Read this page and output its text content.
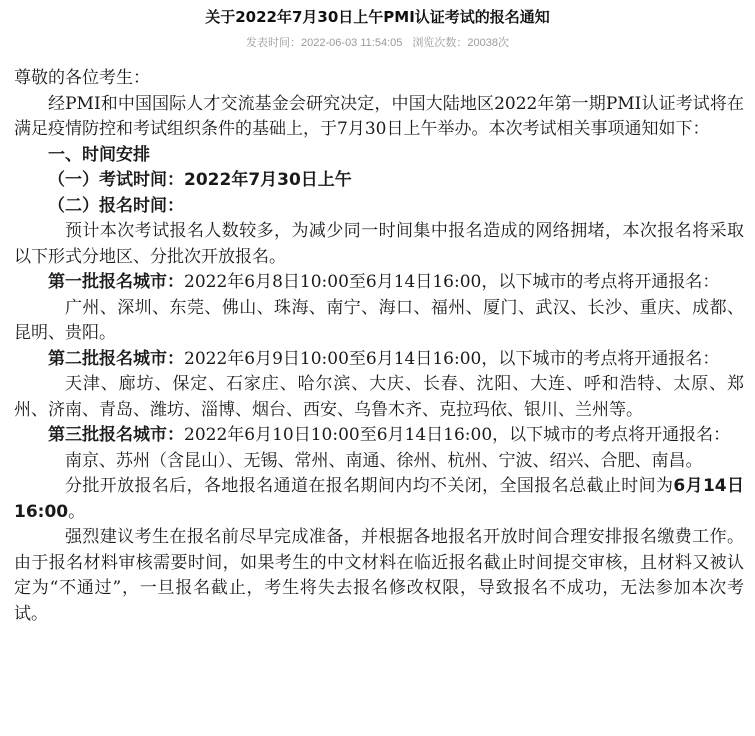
关于2022年7月30日上午PMI认证考试的报名通知
发表时间：2022-06-03 11:54:05 浏览次数：20038次

尊敬的各位考生：

经PMI和中国国际人才交流基金会研究决定，中国大陆地区2022年第一期PMI认证考试将在满足疫情防控和考试组织条件的基础上，于7月30日上午举办。本次考试相关事项通知如下：

一、时间安排

（一）考试时间：2022年7月30日上午

（二）报名时间：

预计本次考试报名人数较多，为减少同一时间集中报名造成的网络拥堵，本次报名将采取以下形式分地区、分批次开放报名。

第一批报名城市：2022年6月8日10:00至6月14日16:00，以下城市的考点将开通报名：

广州、深圳、东莞、佛山、珠海、南宁、海口、福州、厦门、武汉、长沙、重庆、成都、昆明、贵阳。

第二批报名城市：2022年6月9日10:00至6月14日16:00，以下城市的考点将开通报名：

天津、廊坊、保定、石家庄、哈尔滨、大庆、长春、沈阳、大连、呼和浩特、太原、郑州、济南、青岛、潍坊、淄博、烟台、西安、乌鲁木齐、克拉玛依、银川、兰州等。

第三批报名城市：2022年6月10日10:00至6月14日16:00，以下城市的考点将开通报名：

南京、苏州（含昆山）、无锡、常州、南通、徐州、杭州、宁波、绍兴、合肥、南昌。

分批开放报名后，各地报名通道在报名期间内均不关闭，全国报名总截止时间为6月14日16:00。

强烈建议考生在报名前尽早完成准备，并根据各地报名开放时间合理安排报名缴费工作。由于报名材料审核需要时间，如果考生的中文材料在临近报名截止时间提交审核，且材料又被认定为“不通过”，一旦报名截止，考生将失去报名修改权限，导致报名不成功，无法参加本次考试。
